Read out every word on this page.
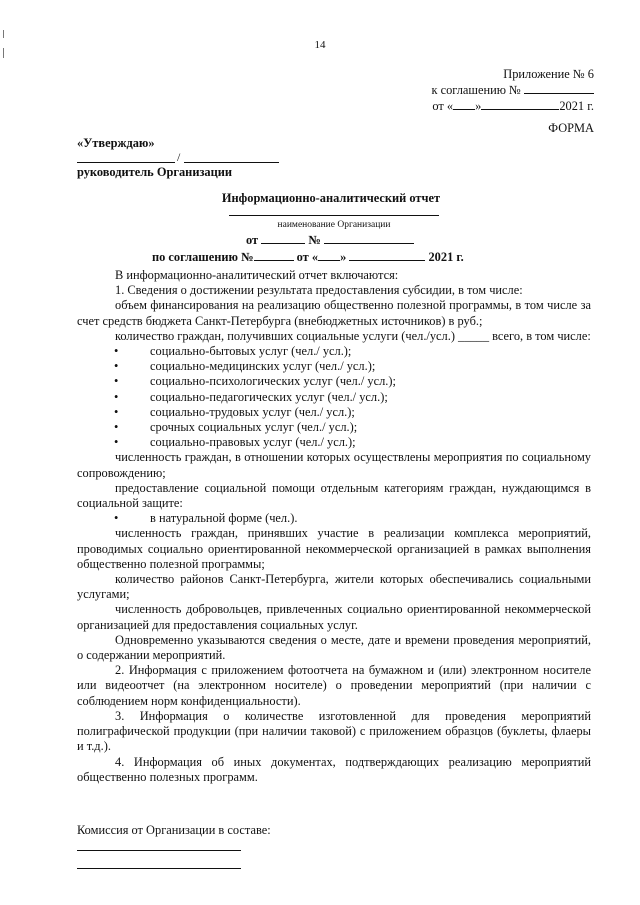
14
Приложение № 6
к соглашению №
от « »	2021 г.
ФОРМА
«Утверждаю»
/
руководитель Организации
Информационно-аналитический отчет
наименование Организации
от	№
по соглашению №	от « »	2021 г.

В информационно-аналитический отчет включаются:

1. Сведения о достижении результата предоставления субсидии, в том числе:

объем финансирования на реализацию общественно полезной программы, в том числе за счет средств бюджета Санкт-Петербурга (внебюджетных источников) в руб.;

количество граждан, получивших социальные услуги (чел./усл.) _____ всего, в том числе:

• социально-бытовых услуг (чел./ усл.);

• социально-медицинских услуг (чел./ усл.);

• социально-психологических услуг (чел./ усл.);

• социально-педагогических услуг (чел./ усл.);

• социально-трудовых услуг (чел./ усл.);

• срочных социальных услуг (чел./ усл.);

• социально-правовых услуг (чел./ усл.);

численность граждан, в отношении которых осуществлены мероприятия по социальному сопровождению;

предоставление социальной помощи отдельным категориям граждан, нуждающимся в социальной защите:

• в натуральной форме (чел.).

численность граждан, принявших участие в реализации комплекса мероприятий, проводимых социально ориентированной некоммерческой организацией в рамках выполнения общественно полезной программы;

количество районов Санкт-Петербурга, жители которых обеспечивались социальными услугами;

численность добровольцев, привлеченных социально ориентированной некоммерческой организацией для предоставления социальных услуг.

Одновременно указываются сведения о месте, дате и времени проведения мероприятий, о содержании мероприятий.

2. Информация с приложением фотоотчета на бумажном и (или) электронном носителе или видеоотчет (на электронном носителе) о проведении мероприятий (при наличии с соблюдением норм конфиденциальности).

3. Информация о количестве изготовленной для проведения мероприятий полиграфической продукции (при наличии таковой) с приложением образцов (буклеты, флаеры и т.д.).

4. Информация об иных документах, подтверждающих реализацию мероприятий общественно полезных программ.

Комиссия от Организации в составе:
